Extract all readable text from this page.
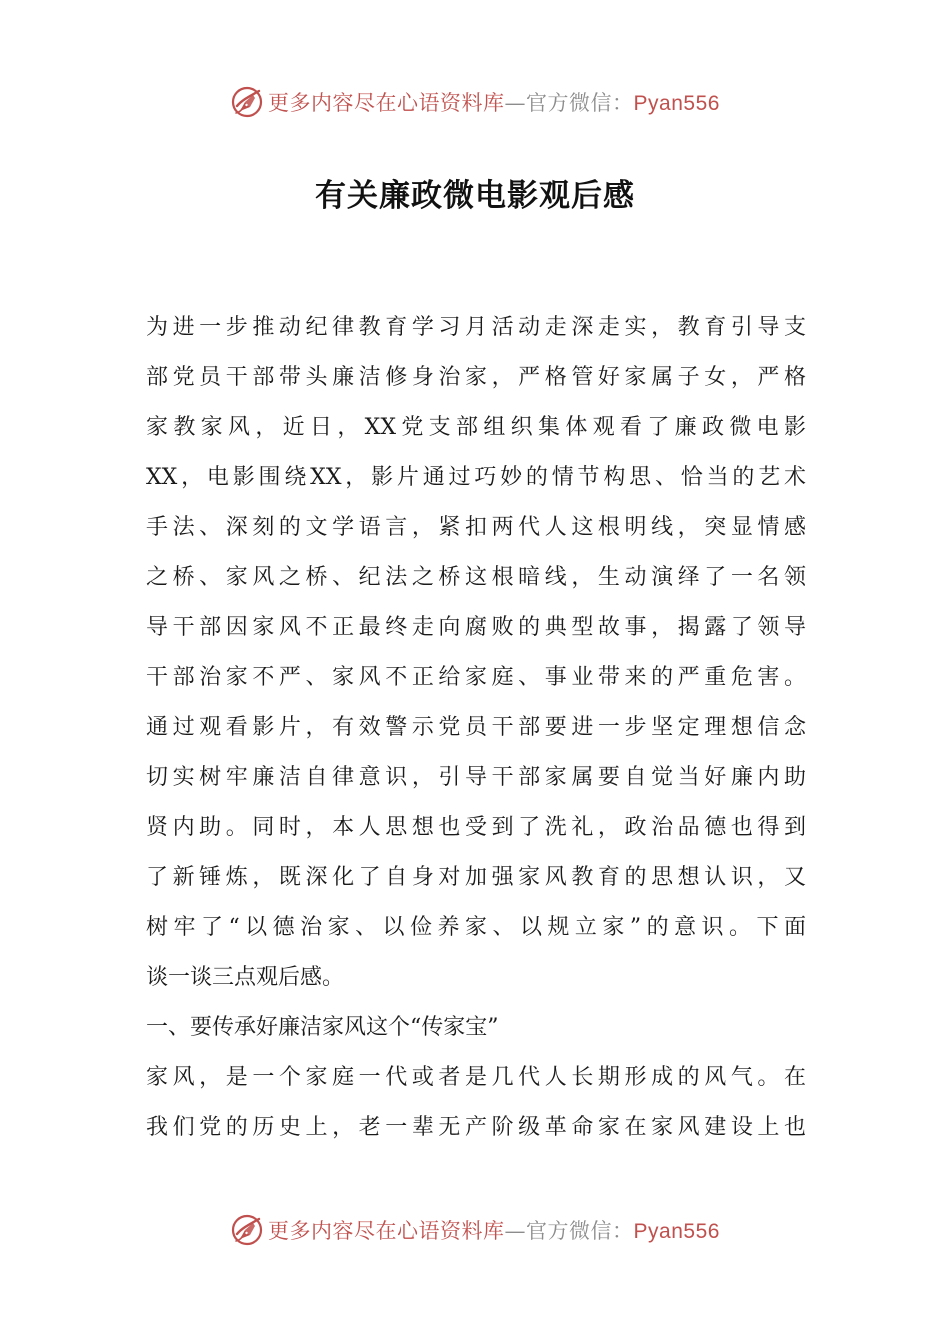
更多内容尽在心语资料库—官方微信：Pyan556
有关廉政微电影观后感
为进一步推动纪律教育学习月活动走深走实，教育引导支
部党员干部带头廉洁修身治家，严格管好家属子女，严格
家教家风，近日，XX党支部组织集体观看了廉政微电影
XX，电影围绕XX，影片通过巧妙的情节构思、恰当的艺术
手法、深刻的文学语言，紧扣两代人这根明线，突显情感
之桥、家风之桥、纪法之桥这根暗线，生动演绎了一名领
导干部因家风不正最终走向腐败的典型故事，揭露了领导
干部治家不严、家风不正给家庭、事业带来的严重危害。
通过观看影片，有效警示党员干部要进一步坚定理想信念
切实树牢廉洁自律意识，引导干部家属要自觉当好廉内助
贤内助。同时，本人思想也受到了洗礼，政治品德也得到
了新锤炼，既深化了自身对加强家风教育的思想认识，又
树牢了“以德治家、以俭养家、以规立家”的意识。下面
谈一谈三点观后感。
一、要传承好廉洁家风这个“传家宝”
家风，是一个家庭一代或者是几代人长期形成的风气。在
我们党的历史上，老一辈无产阶级革命家在家风建设上也
更多内容尽在心语资料库—官方微信：Pyan556
